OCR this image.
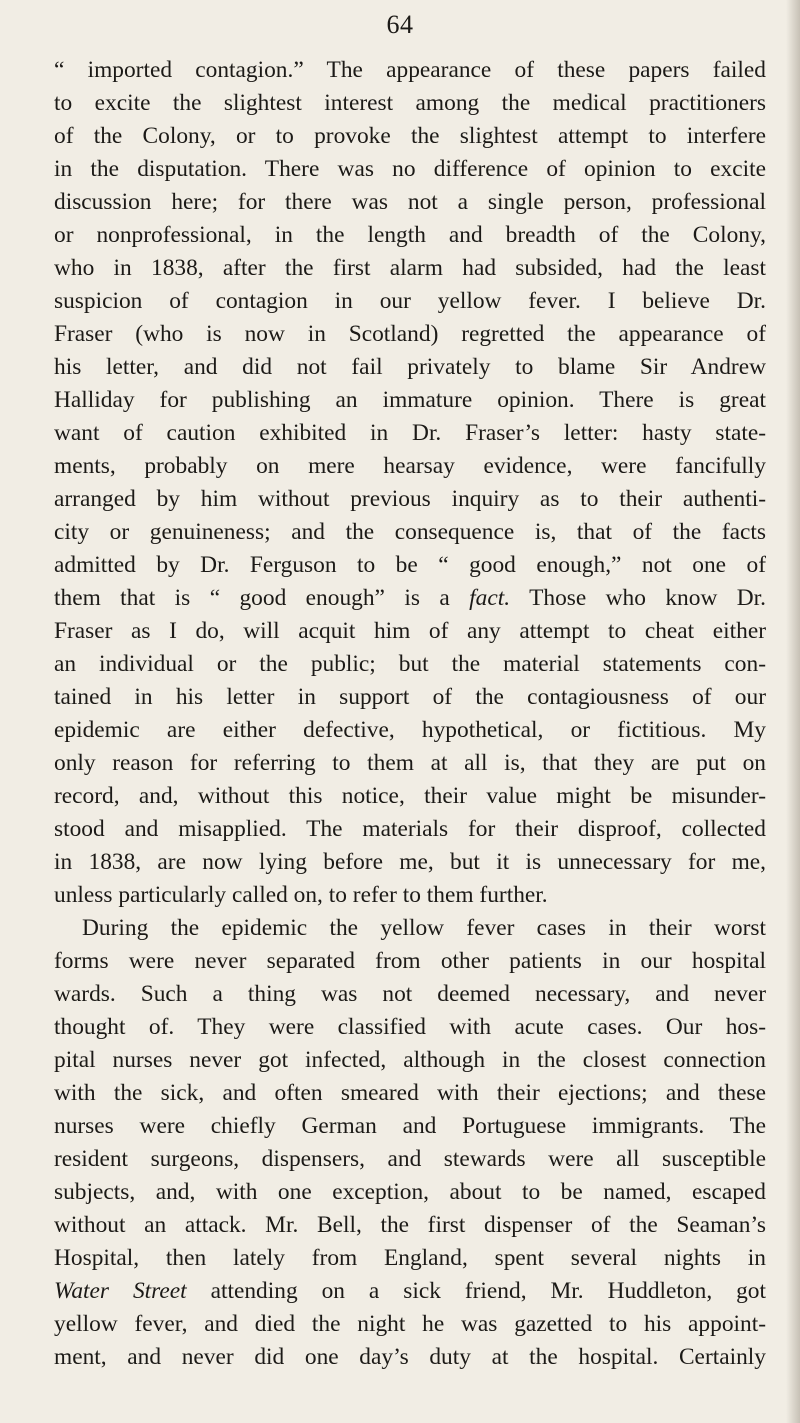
64
“ imported contagion.” The appearance of these papers failed
to excite the slightest interest among the medical practitioners
of the Colony, or to provoke the slightest attempt to interfere
in the disputation. There was no difference of opinion to excite
discussion here; for there was not a single person, professional
or nonprofessional, in the length and breadth of the Colony,
who in 1838, after the first alarm had subsided, had the least
suspicion of contagion in our yellow fever. I believe Dr.
Fraser (who is now in Scotland) regretted the appearance of
his letter, and did not fail privately to blame Sir Andrew
Halliday for publishing an immature opinion. There is great
want of caution exhibited in Dr. Fraser’s letter: hasty state-
ments, probably on mere hearsay evidence, were fancifully
arranged by him without previous inquiry as to their authenti-
city or genuineness; and the consequence is, that of the facts
admitted by Dr. Ferguson to be “ good enough,” not one of
them that is “ good enough” is a fact. Those who know Dr.
Fraser as I do, will acquit him of any attempt to cheat either
an individual or the public; but the material statements con-
tained in his letter in support of the contagiousness of our
epidemic are either defective, hypothetical, or fictitious. My
only reason for referring to them at all is, that they are put on
record, and, without this notice, their value might be misunder-
stood and misapplied. The materials for their disproof, collected
in 1838, are now lying before me, but it is unnecessary for me,
unless particularly called on, to refer to them further.
During the epidemic the yellow fever cases in their worst
forms were never separated from other patients in our hospital
wards. Such a thing was not deemed necessary, and never
thought of. They were classified with acute cases. Our hos-
pital nurses never got infected, although in the closest connection
with the sick, and often smeared with their ejections; and these
nurses were chiefly German and Portuguese immigrants. The
resident surgeons, dispensers, and stewards were all susceptible
subjects, and, with one exception, about to be named, escaped
without an attack. Mr. Bell, the first dispenser of the Seaman’s
Hospital, then lately from England, spent several nights in
Water Street attending on a sick friend, Mr. Huddleton, got
yellow fever, and died the night he was gazetted to his appoint-
ment, and never did one day’s duty at the hospital. Certainly
